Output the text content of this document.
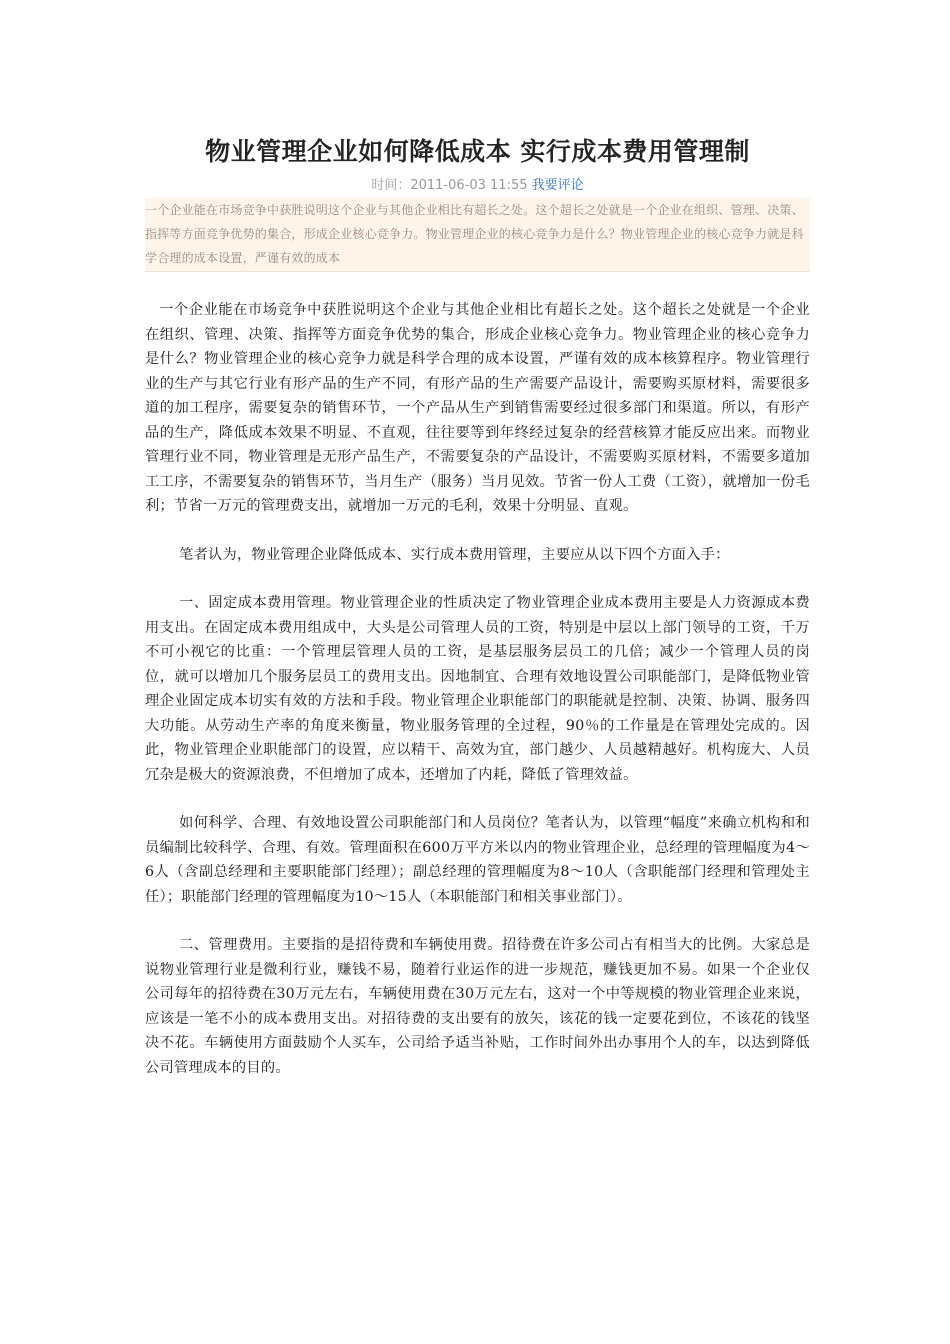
物业管理企业如何降低成本 实行成本费用管理制
时间：2011-06-03 11:55 我要评论
一个企业能在市场竞争中获胜说明这个企业与其他企业相比有超长之处。这个超长之处就是一个企业在组织、管理、决策、指挥等方面竞争优势的集合，形成企业核心竞争力。物业管理企业的核心竞争力是什么？物业管理企业的核心竞争力就是科学合理的成本设置，严谨有效的成本

一个企业能在市场竞争中获胜说明这个企业与其他企业相比有超长之处。这个超长之处就是一个企业在组织、管理、决策、指挥等方面竞争优势的集合，形成企业核心竞争力。物业管理企业的核心竞争力是什么？物业管理企业的核心竞争力就是科学合理的成本设置，严谨有效的成本核算程序。物业管理行业的生产与其它行业有形产品的生产不同，有形产品的生产需要产品设计，需要购买原材料，需要很多道的加工程序，需要复杂的销售环节，一个产品从生产到销售需要经过很多部门和渠道。所以，有形产品的生产，降低成本效果不明显、不直观，往往要等到年终经过复杂的经营核算才能反应出来。而物业管理行业不同，物业管理是无形产品生产，不需要复杂的产品设计，不需要购买原材料，不需要多道加工工序，不需要复杂的销售环节，当月生产（服务）当月见效。节省一份人工费（工资），就增加一份毛利；节省一万元的管理费支出，就增加一万元的毛利，效果十分明显、直观。

笔者认为，物业管理企业降低成本、实行成本费用管理，主要应从以下四个方面入手：

一、固定成本费用管理。物业管理企业的性质决定了物业管理企业成本费用主要是人力资源成本费用支出。在固定成本费用组成中，大头是公司管理人员的工资，特别是中层以上部门领导的工资，千万不可小视它的比重：一个管理层管理人员的工资，是基层服务层员工的几倍；减少一个管理人员的岗位，就可以增加几个服务层员工的费用支出。因地制宜、合理有效地设置公司职能部门，是降低物业管理企业固定成本切实有效的方法和手段。物业管理企业职能部门的职能就是控制、决策、协调、服务四大功能。从劳动生产率的角度来衡量，物业服务管理的全过程，90％的工作量是在管理处完成的。因此，物业管理企业职能部门的设置，应以精干、高效为宜，部门越少、人员越精越好。机构庞大、人员冗杂是极大的资源浪费，不但增加了成本，还增加了内耗，降低了管理效益。

如何科学、合理、有效地设置公司职能部门和人员岗位？笔者认为，以管理“幅度”来确立机构和和员编制比较科学、合理、有效。管理面积在600万平方米以内的物业管理企业，总经理的管理幅度为4～6人（含副总经理和主要职能部门经理）；副总经理的管理幅度为8～10人（含职能部门经理和管理处主任）；职能部门经理的管理幅度为10～15人（本职能部门和相关事业部门）。

二、管理费用。主要指的是招待费和车辆使用费。招待费在许多公司占有相当大的比例。大家总是说物业管理行业是微利行业，赚钱不易，随着行业运作的进一步规范，赚钱更加不易。如果一个企业仅公司每年的招待费在30万元左右，车辆使用费在30万元左右，这对一个中等规模的物业管理企业来说，应该是一笔不小的成本费用支出。对招待费的支出要有的放矢，该花的钱一定要花到位，不该花的钱坚决不花。车辆使用方面鼓励个人买车，公司给予适当补贴，工作时间外出办事用个人的车，以达到降低公司管理成本的目的。
